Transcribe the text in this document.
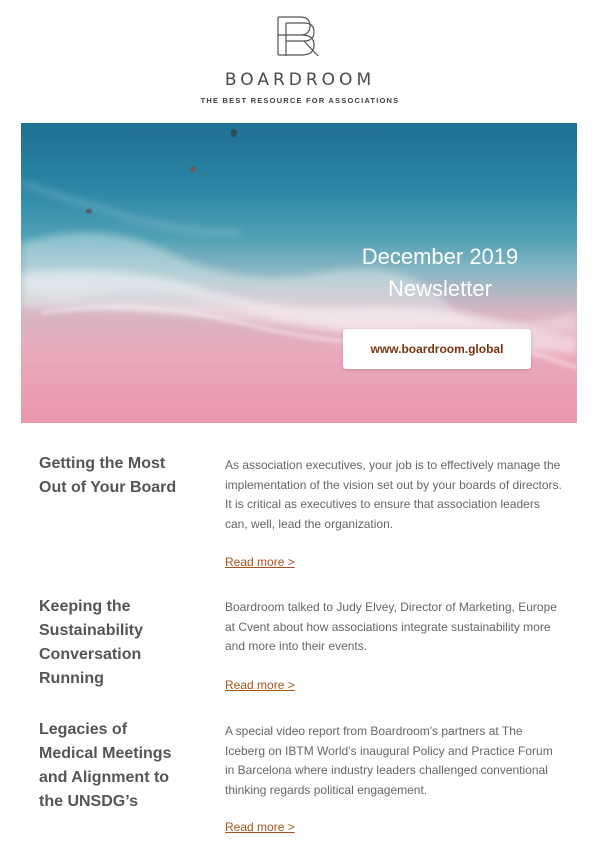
BOARDROOM
THE BEST RESOURCE FOR ASSOCIATIONS
December 2019
Newsletter
www.boardroom.global
Getting the Most Out of Your Board
As association executives, your job is to effectively manage the implementation of the vision set out by your boards of directors. It is critical as executives to ensure that association leaders can, well, lead the organization.
Read more >
Keeping the Sustainability Conversation Running
Boardroom talked to Judy Elvey, Director of Marketing, Europe at Cvent about how associations integrate sustainability more and more into their events.
Read more >
Legacies of Medical Meetings and Alignment to the UNSDG’s
A special video report from Boardroom's partners at The Iceberg on IBTM World’s inaugural Policy and Practice Forum in Barcelona where industry leaders challenged conventional thinking regards political engagement.
Read more >
